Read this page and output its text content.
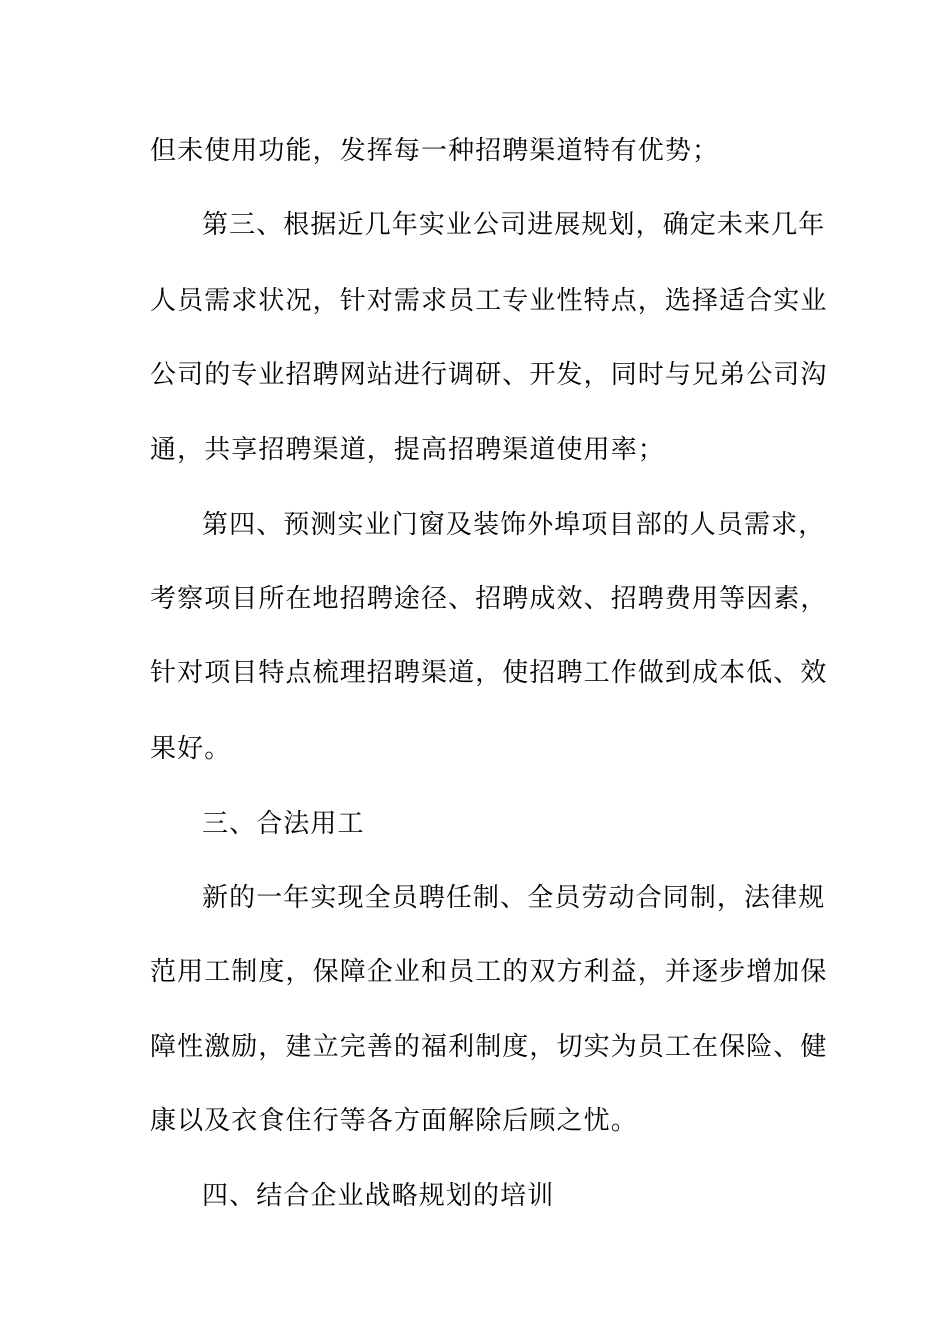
但未使用功能，发挥每一种招聘渠道特有优势；
第三、根据近几年实业公司进展规划，确定未来几年
人员需求状况，针对需求员工专业性特点，选择适合实业
公司的专业招聘网站进行调研、开发，同时与兄弟公司沟
通，共享招聘渠道，提高招聘渠道使用率；
第四、预测实业门窗及装饰外埠项目部的人员需求，
考察项目所在地招聘途径、招聘成效、招聘费用等因素，
针对项目特点梳理招聘渠道，使招聘工作做到成本低、效
果好。
三、合法用工
新的一年实现全员聘任制、全员劳动合同制，法律规
范用工制度，保障企业和员工的双方利益，并逐步增加保
障性激励，建立完善的福利制度，切实为员工在保险、健
康以及衣食住行等各方面解除后顾之忧。
四、结合企业战略规划的培训
